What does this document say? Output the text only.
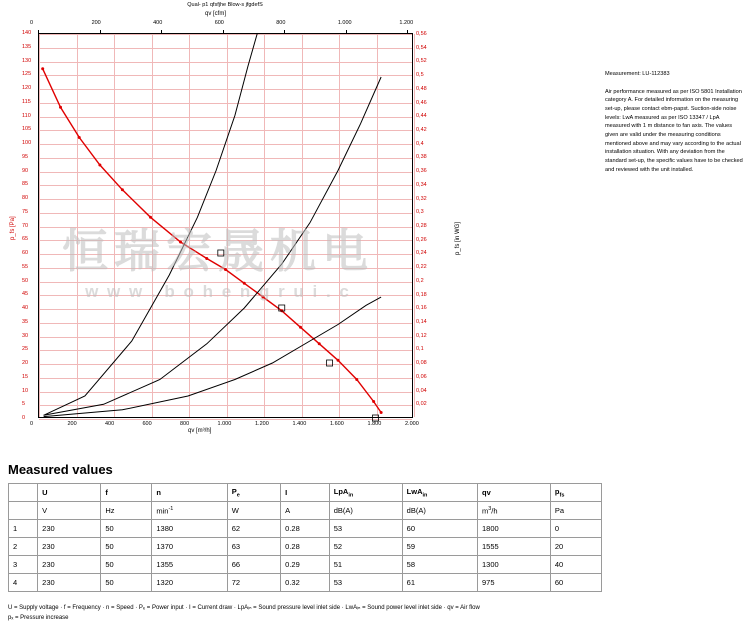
Qual- p1 qfsfjhe Blow-s jfgdefS
qv [cfm]
qv [m³/h]
p_fs [Pa]	p_fs [in WG]
0	200	400	600	800	1.000	1.200	1.400	1.600	1.800	2.000
0	200	400	600	800	1.000	1.200
0
5
10
15
20
25
30
35
40
45
50
55
60
65
70
75
80
85
90
95
100
105
110
115
120
125
130
135
140
0,02
0,04
0,06
0,08
0,1
0,12
0,14
0,16
0,18
0,2
0,22
0,24
0,26
0,28
0,3
0,32
0,34
0,36
0,38
0,4
0,42
0,44
0,46
0,48
0,5
0,52
0,54
0,56
恒瑞宏晟机电
w w w . b o h e n g r u i . c
Measurement: LU-112383
Air performance measured as per ISO 5801 Installation category A. For detailed information on the measuring set-up, please contact ebm-papst. Suction-side noise levels: LwA measured as per ISO 13347 / LpA measured with 1 m distance to fan axis. The values given are valid under the measuring conditions mentioned above and may vary according to the actual installation situation. With any deviation from the standard set-up, the specific values have to be checked and reviewed with the unit installed.
Measured values
	U	f	n	$P_e$	I	LpA$_{in}$	LwA$_{in}$	qv	$p_{fs}$
	V	Hz	$\min^{-1}$	W	A	dB(A)	dB(A)	$m^3/h$	Pa
1	230	50	1380	62	0.28	53	60	1800	0
2	230	50	1370	63	0.28	52	59	1555	20
3	230	50	1355	66	0.29	51	58	1300	40
4	230	50	1320	72	0.32	53	61	975	60
U = Supply voltage · f = Frequency · n = Speed · Pₑ = Power input · I = Current draw · LpAᵢₙ = Sound pressure level inlet side · LwAᵢₙ = Sound power level inlet side · qv = Air flow
pₓ = Pressure increase
